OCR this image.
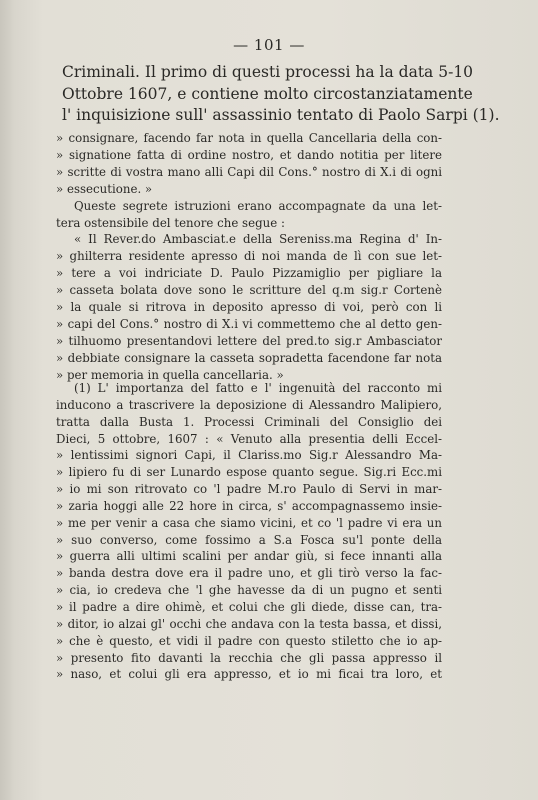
— 101 —
Criminali. Il primo di questi processi ha la data 5-10
Ottobre 1607, e contiene molto circostanziatamente
l' inquisizione sull' assassinio tentato di Paolo Sarpi (1).
» consignare, facendo far nota in quella Cancellaria della con-
» signatione fatta di ordine nostro, et dando notitia per litere
» scritte di vostra mano alli Capi dil Cons.° nostro di X.i di ogni
» essecutione. »
Queste segrete istruzioni erano accompagnate da una let-
tera ostensibile del tenore che segue :
« Il Rever.do Ambasciat.e della Sereniss.ma Regina d' In-
» ghilterra residente apresso di noi manda de lì con sue let-
» tere a voi indriciate D. Paulo Pizzamiglio per pigliare la
» casseta bolata dove sono le scritture del q.m sig.r Cortenè
» la quale si ritrova in deposito apresso di voi, però con li
» capi del Cons.° nostro di X.i vi commettemo che al detto gen-
» tilhuomo presentandovi lettere del pred.to sig.r Ambasciator
» debbiate consignare la casseta sopradetta facendone far nota
» per memoria in quella cancellaria. »
(1) L' importanza del fatto e l' ingenuità del racconto mi
inducono a trascrivere la deposizione di Alessandro Malipiero,
tratta dalla Busta 1. Processi Criminali del Consiglio dei
Dieci, 5 ottobre, 1607 : « Venuto alla presentia delli Eccel-
» lentissimi signori Capi, il Clariss.mo Sig.r Alessandro Ma-
» lipiero fu di ser Lunardo espose quanto segue. Sig.ri Ecc.mi
» io mi son ritrovato co 'l padre M.ro Paulo di Servi in mar-
» zaria hoggi alle 22 hore in circa, s' accompagnassemo insie-
» me per venir a casa che siamo vicini, et co 'l padre vi era un
» suo converso, come fossimo a S.a Fosca su'l ponte della
» guerra alli ultimi scalini per andar giù, si fece innanti alla
» banda destra dove era il padre uno, et gli tirò verso la fac-
» cia, io credeva che 'l ghe havesse da di un pugno et senti
» il padre a dire ohimè, et colui che gli diede, disse can, tra-
» ditor, io alzai gl' occhi che andava con la testa bassa, et dissi,
» che è questo, et vidi il padre con questo stiletto che io ap-
» presento fito davanti la recchia che gli passa appresso il
» naso, et colui gli era appresso, et io mi ficai tra loro, et
